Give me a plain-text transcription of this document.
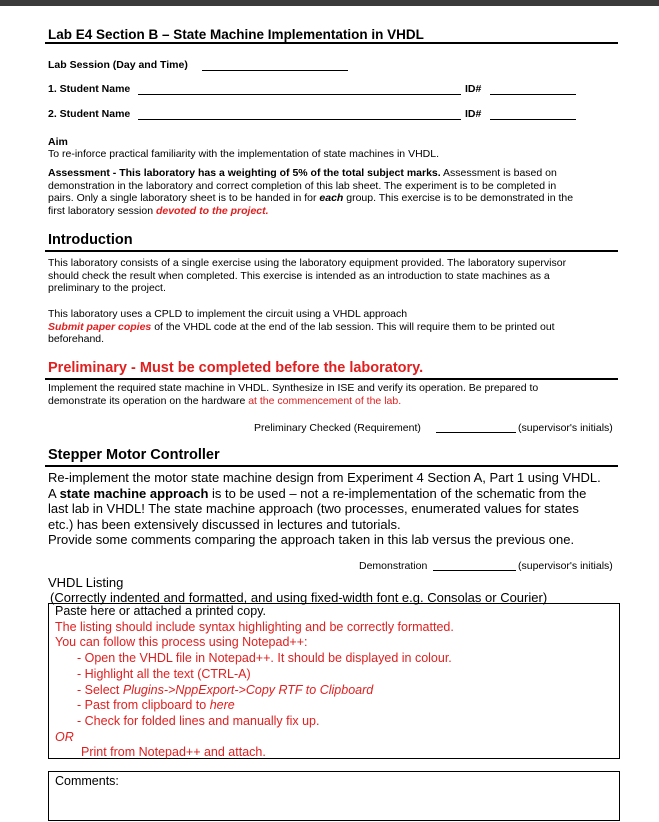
Lab E4 Section B – State Machine Implementation in VHDL
Lab Session (Day and Time)
1. Student Name	ID#
2. Student Name	ID#
Aim
To re-inforce practical familiarity with the implementation of state machines in VHDL.
Assessment - This laboratory has a weighting of 5% of the total subject marks. Assessment is based on
demonstration in the laboratory and correct completion of this lab sheet. The experiment is to be completed in
pairs. Only a single laboratory sheet is to be handed in for each group. This exercise is to be demonstrated in the
first laboratory session devoted to the project.
Introduction
This laboratory consists of a single exercise using the laboratory equipment provided. The laboratory supervisor
should check the result when completed. This exercise is intended as an introduction to state machines as a
preliminary to the project.
This laboratory uses a CPLD to implement the circuit using a VHDL approach
Submit paper copies of the VHDL code at the end of the lab session. This will require them to be printed out
beforehand.
Preliminary - Must be completed before the laboratory.
Implement the required state machine in VHDL. Synthesize in ISE and verify its operation. Be prepared to
demonstrate its operation on the hardware at the commencement of the lab.
Preliminary Checked (Requirement)	(supervisor's initials)
Stepper Motor Controller
Re-implement the motor state machine design from Experiment 4 Section A, Part 1 using VHDL.
A state machine approach is to be used – not a re-implementation of the schematic from the
last lab in VHDL! The state machine approach (two processes, enumerated values for states
etc.) has been extensively discussed in lectures and tutorials.
Provide some comments comparing the approach taken in this lab versus the previous one.
Demonstration	(supervisor's initials)
VHDL Listing
(Correctly indented and formatted, and using fixed-width font e.g. Consolas or Courier)
Paste here or attached a printed copy.
The listing should include syntax highlighting and be correctly formatted.
You can follow this process using Notepad++:
- Open the VHDL file in Notepad++. It should be displayed in colour.
- Highlight all the text (CTRL-A)
- Select Plugins->NppExport->Copy RTF to Clipboard
- Past from clipboard to here
- Check for folded lines and manually fix up.
OR
Print from Notepad++ and attach.
Comments:
